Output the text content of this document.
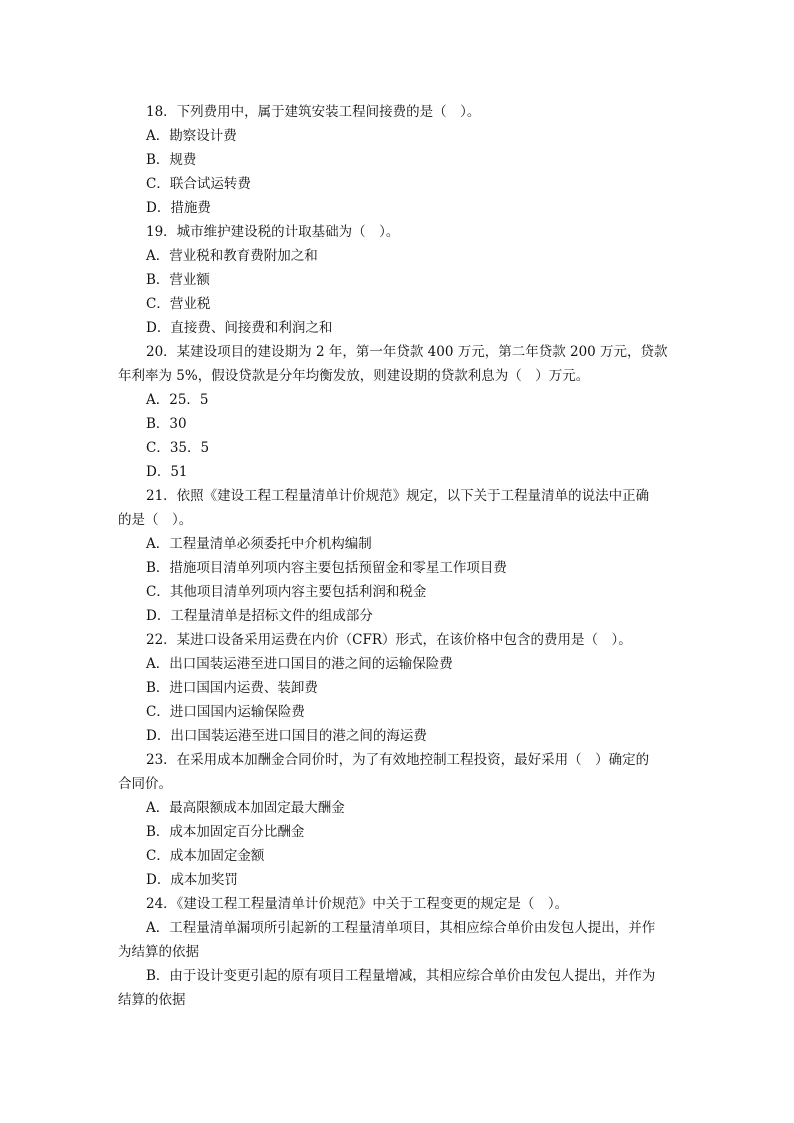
18．下列费用中，属于建筑安装工程间接费的是（　）。
A．勘察设计费
B．规费
C．联合试运转费
D．措施费
19．城市维护建设税的计取基础为（　）。
A．营业税和教育费附加之和
B．营业额
C．营业税
D．直接费、间接费和利润之和
20．某建设项目的建设期为 2 年，第一年贷款 400 万元，第二年贷款 200 万元，贷款
年利率为 5%，假设贷款是分年均衡发放，则建设期的贷款利息为（　）万元。
A．25．5
B．30
C．35．5
D．51
21．依照《建设工程工程量清单计价规范》规定，以下关于工程量清单的说法中正确
的是（　）。
A．工程量清单必须委托中介机构编制
B．措施项目清单列项内容主要包括预留金和零星工作项目费
C．其他项目清单列项内容主要包括利润和税金
D．工程量清单是招标文件的组成部分
22．某进口设备采用运费在内价（CFR）形式，在该价格中包含的费用是（　）。
A．出口国装运港至进口国目的港之间的运输保险费
B．进口国国内运费、装卸费
C．进口国国内运输保险费
D．出口国装运港至进口国目的港之间的海运费
23．在采用成本加酬金合同价时，为了有效地控制工程投资，最好采用（　）确定的
合同价。
A．最高限额成本加固定最大酬金
B．成本加固定百分比酬金
C．成本加固定金额
D．成本加奖罚
24．《建设工程工程量清单计价规范》中关于工程变更的规定是（　）。
A．工程量清单漏项所引起新的工程量清单项目，其相应综合单价由发包人提出，并作
为结算的依据
B．由于设计变更引起的原有项目工程量增减，其相应综合单价由发包人提出，并作为
结算的依据
